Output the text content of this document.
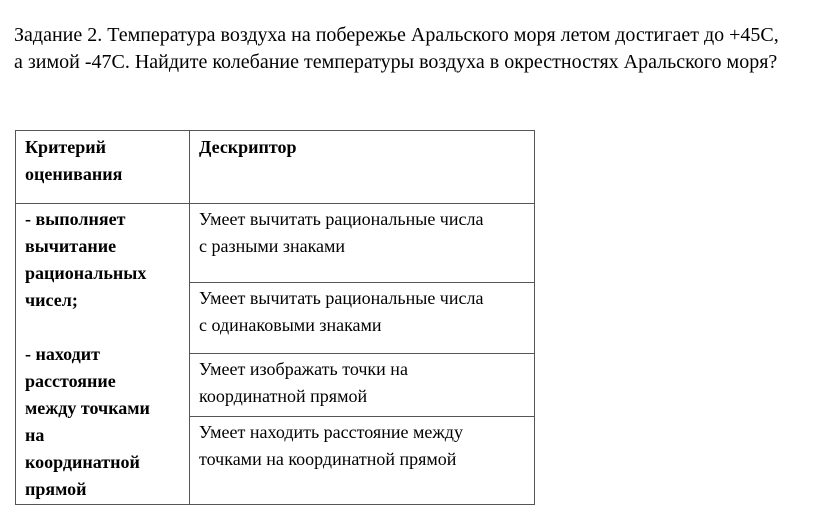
Задание 2. Температура воздуха на побережье Аральского моря летом достигает до +45С,
а зимой -47С. Найдите колебание температуры воздуха в окрестностях Аральского моря?

Критерий
оценивания
Дескриптор
- выполняет
вычитание
рациональных
чисел;
- находит
расстояние
между точками
на
координатной
прямой
Умеет вычитать рациональные числа
с разными знаками
Умеет вычитать рациональные числа
с одинаковыми знаками
Умеет изображать точки на
координатной прямой
Умеет находить расстояние между
точками на координатной прямой
